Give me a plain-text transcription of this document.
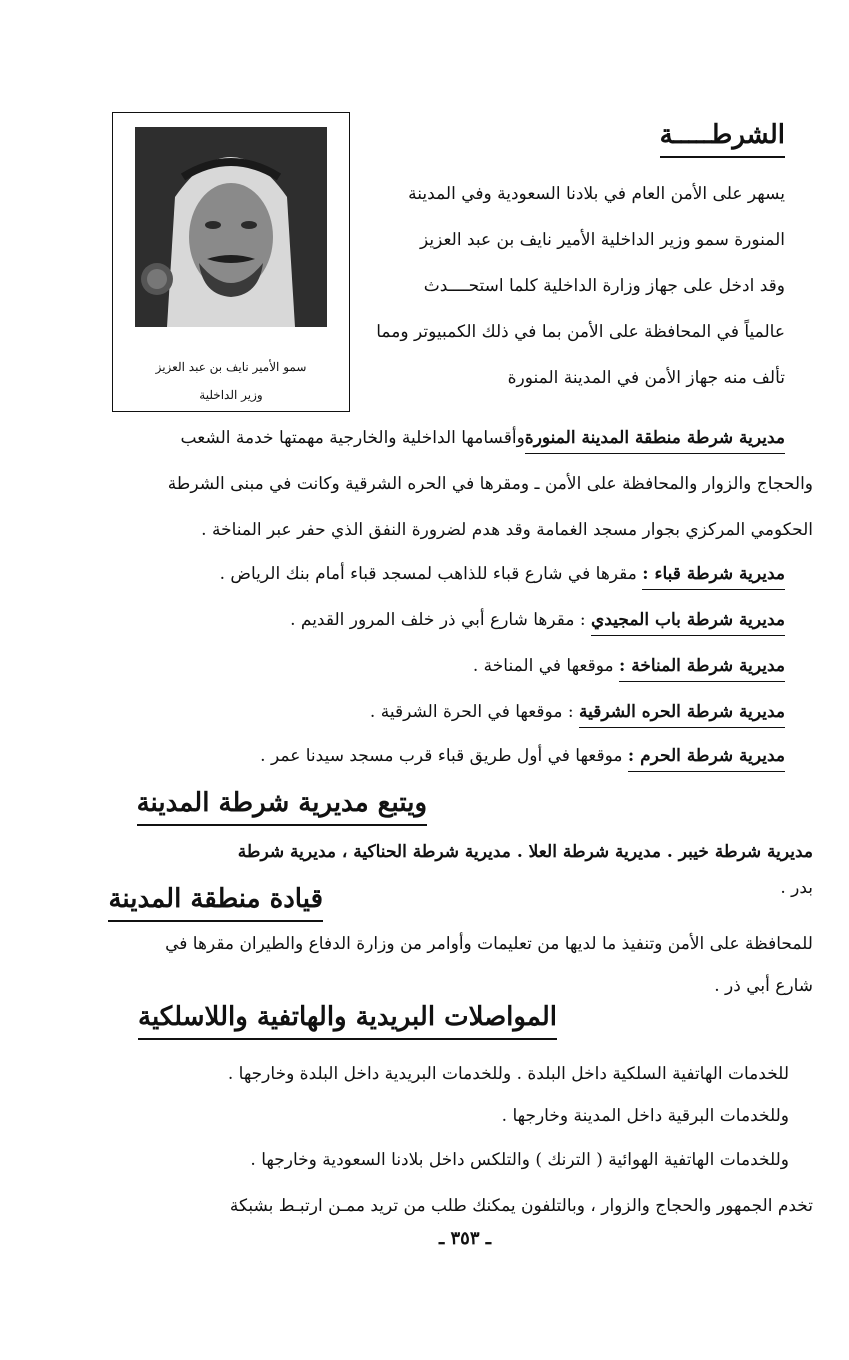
الشرطـــــة
يسهر على الأمن العام في بلادنا السعودية وفي المدينة
المنورة سمو وزير الداخلية الأمير نايف بن عبد العزيز
وقد ادخل على جهاز وزارة الداخلية كلما استحــــدث
عالمياً في المحافظة على الأمن بما في ذلك الكمبيوتر ومما
تألف منه جهاز الأمن في المدينة المنورة
سمو الأمير نايف بن عبد العزيز
وزير الداخلية
مديرية شرطة منطقة المدينة المنورةوأقسامها الداخلية والخارجية مهمتها خدمة الشعب
والحجاج والزوار والمحافظة على الأمن ـ ومقرها في الحره الشرقية وكانت في مبنى الشرطة
الحكومي المركزي بجوار مسجد الغمامة وقد هدم لضرورة النفق الذي حفر عبر المناخة .
مديرية شرطة قباء : مقرها في شارع قباء للذاهب لمسجد قباء أمام بنك الرياض .
مديرية شرطة باب المجيدي : مقرها شارع أبي ذر خلف المرور القديم .
مديرية شرطة المناخة : موقعها في المناخة .
مديرية شرطة الحره الشرقية : موقعها في الحرة الشرقية .
مديرية شرطة الحرم : موقعها في أول طريق قباء قرب مسجد سيدنا عمر .
ويتبع مديرية شرطة المدينة
مديرية شرطة خيبر . مديرية شرطة العلا . مديرية شرطة الحناكية ، مديرية شرطة
بدر .
قيادة منطقة المدينة
للمحافظة على الأمن وتنفيذ ما لديها من تعليمات وأوامر من وزارة الدفاع والطيران مقرها في
شارع أبي ذر .
المواصلات البريدية والهاتفية واللاسلكية
للخدمات الهاتفية السلكية داخل البلدة . وللخدمات البريدية داخل البلدة وخارجها .
وللخدمات البرقية داخل المدينة وخارجها .
وللخدمات الهاتفية الهوائية ( الترنك ) والتلكس داخل بلادنا السعودية وخارجها .
تخدم الجمهور والحجاج والزوار ، وبالتلفون يمكنك طلب من تريد ممـن ارتبـط بشبكة
ـ ٣٥٣ ـ
